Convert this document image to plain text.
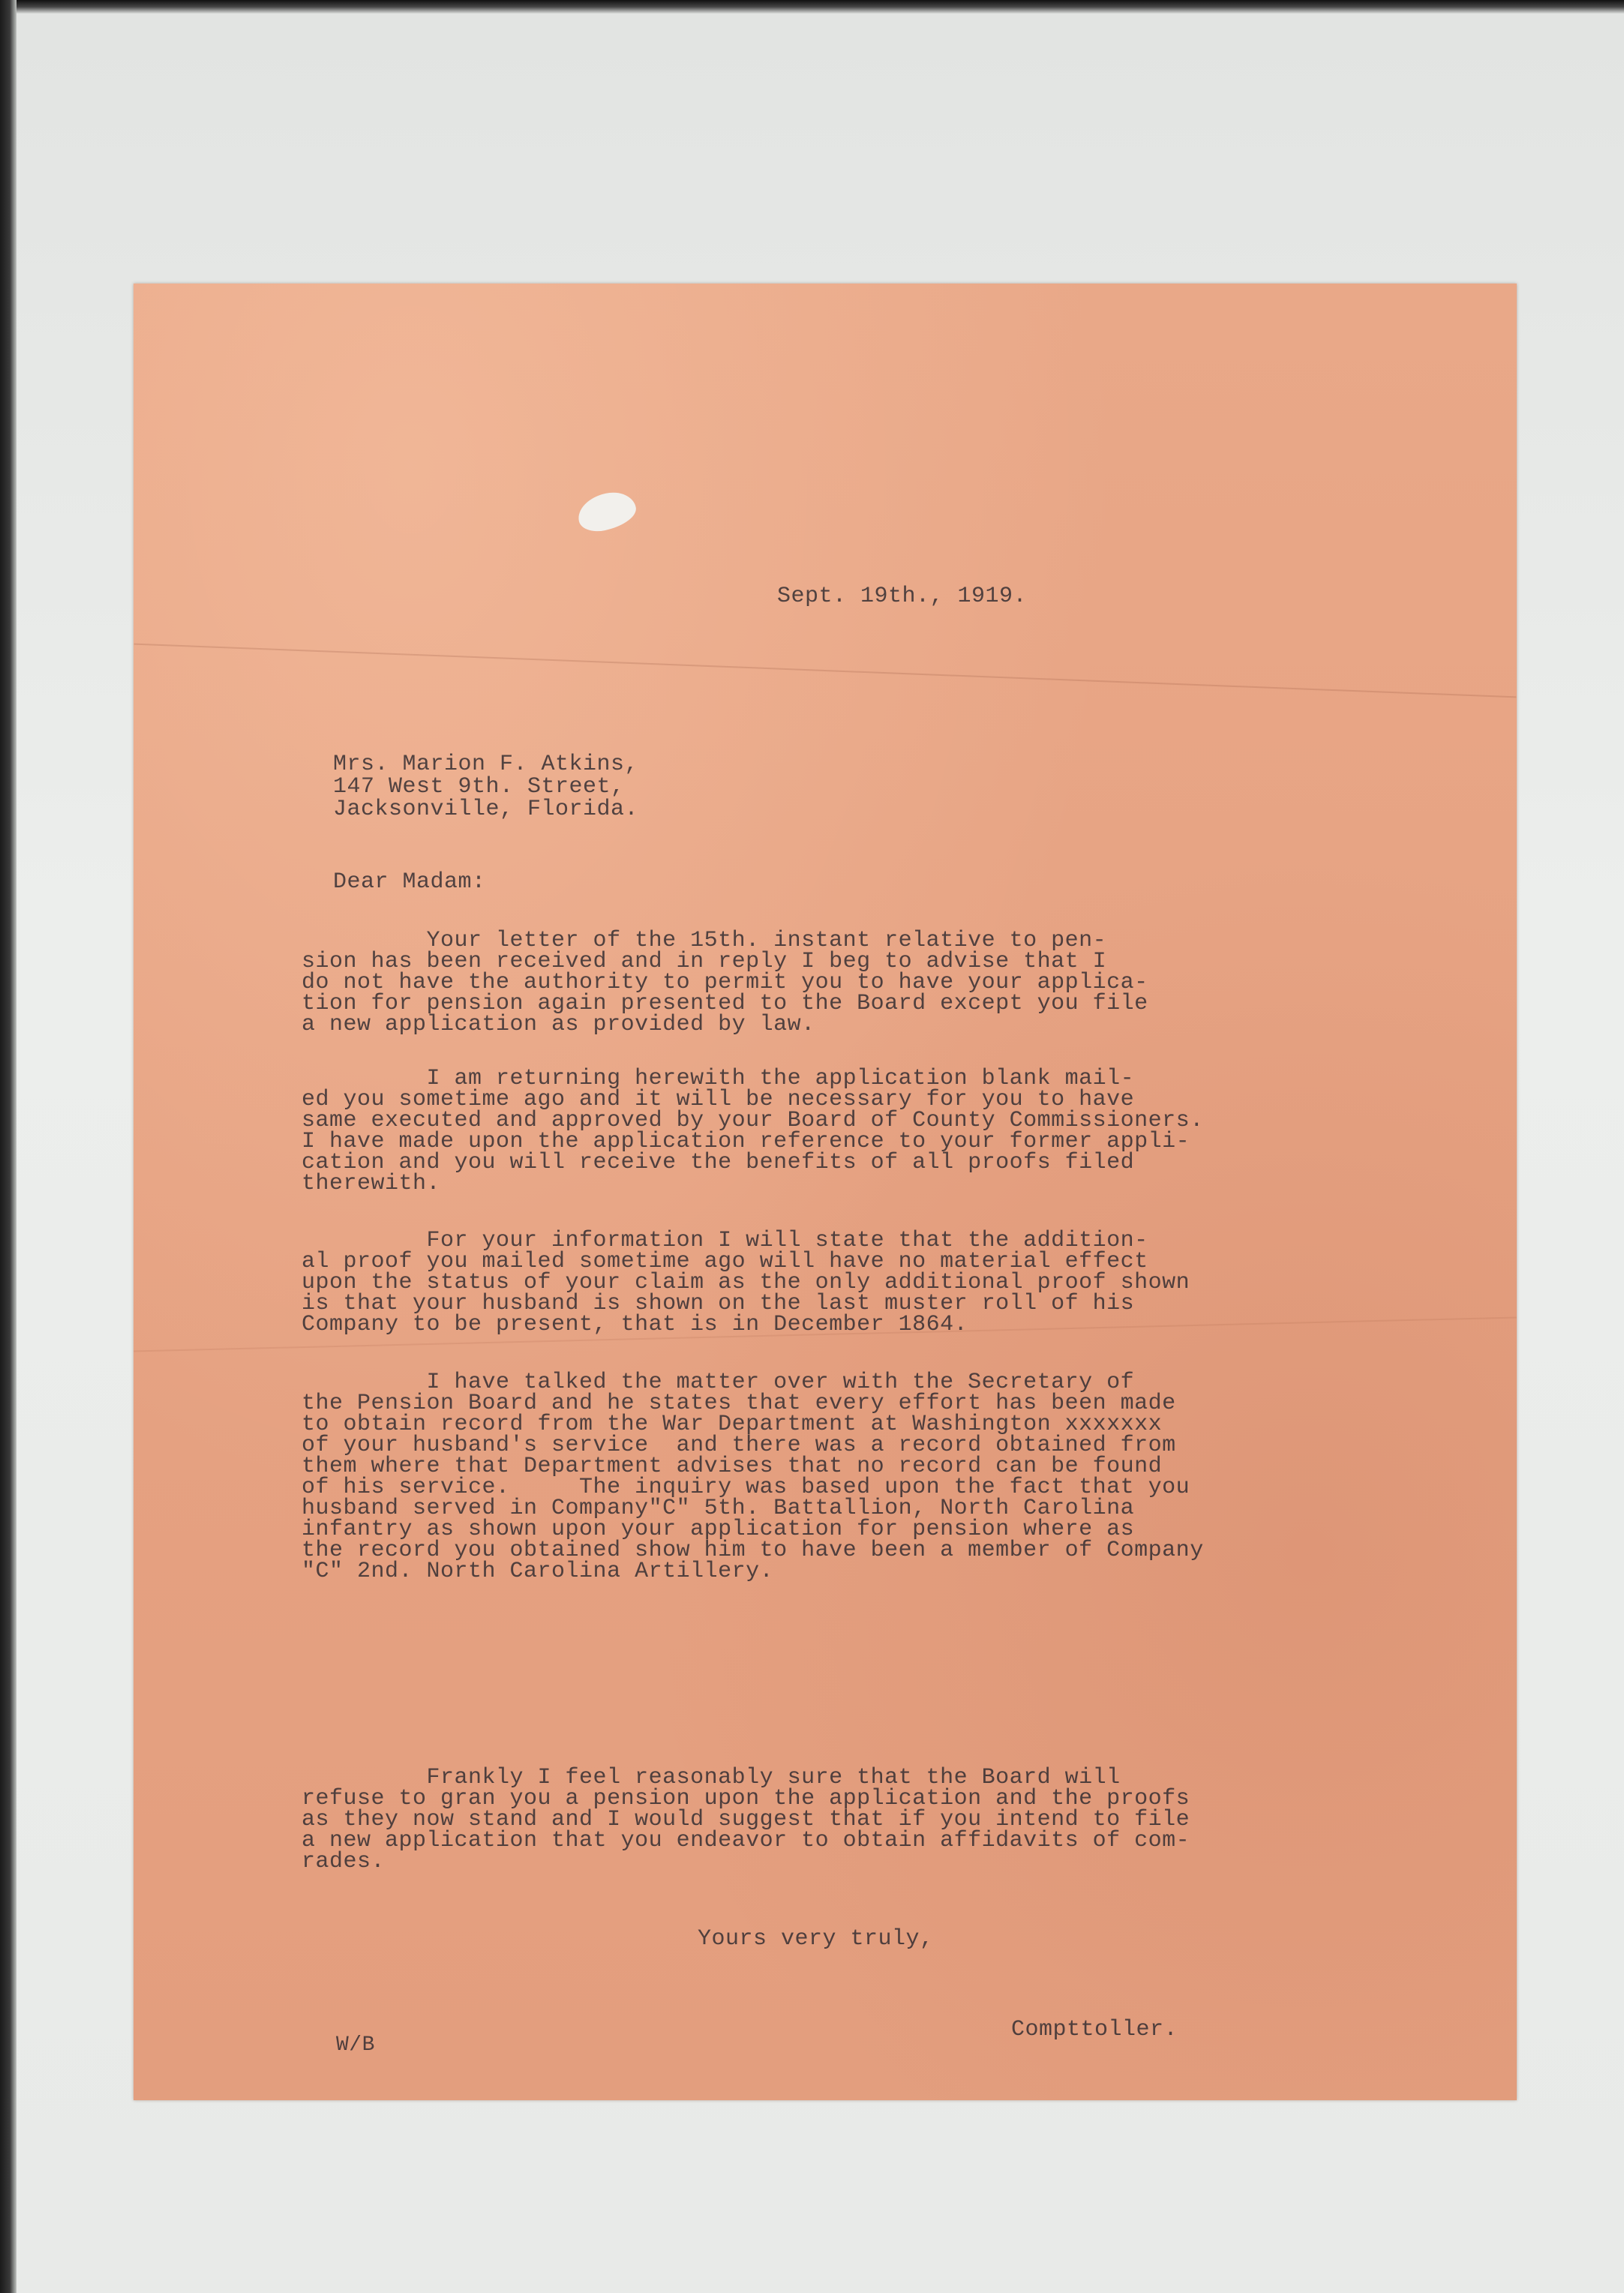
Sept. 19th., 1919.
Mrs. Marion F. Atkins,
147 West 9th. Street,
Jacksonville, Florida.
Dear Madam:
Your letter of the 15th. instant relative to pen-
sion has been received and in reply I beg to advise that I
do not have the authority to permit you to have your applica-
tion for pension again presented to the Board except you file
a new application as provided by law.
I am returning herewith the application blank mail-
ed you sometime ago and it will be necessary for you to have
same executed and approved by your Board of County Commissioners.
I have made upon the application reference to your former appli-
cation and you will receive the benefits of all proofs filed
therewith.
For your information I will state that the addition-
al proof you mailed sometime ago will have no material effect
upon the status of your claim as the only additional proof shown
is that your husband is shown on the last muster roll of his
Company to be present, that is in December 1864.
I have talked the matter over with the Secretary of
the Pension Board and he states that every effort has been made
to obtain record from the War Department at Washington xxxxxxx
of your husband's service  and there was a record obtained from
them where that Department advises that no record can be found
of his service.     The inquiry was based upon the fact that you
husband served in Company"C" 5th. Battallion, North Carolina
infantry as shown upon your application for pension where as
the record you obtained show him to have been a member of Company
"C" 2nd. North Carolina Artillery.
Frankly I feel reasonably sure that the Board will
refuse to gran you a pension upon the application and the proofs
as they now stand and I would suggest that if you intend to file
a new application that you endeavor to obtain affidavits of com-
rades.
Yours very truly,
Compttoller.
W/B
